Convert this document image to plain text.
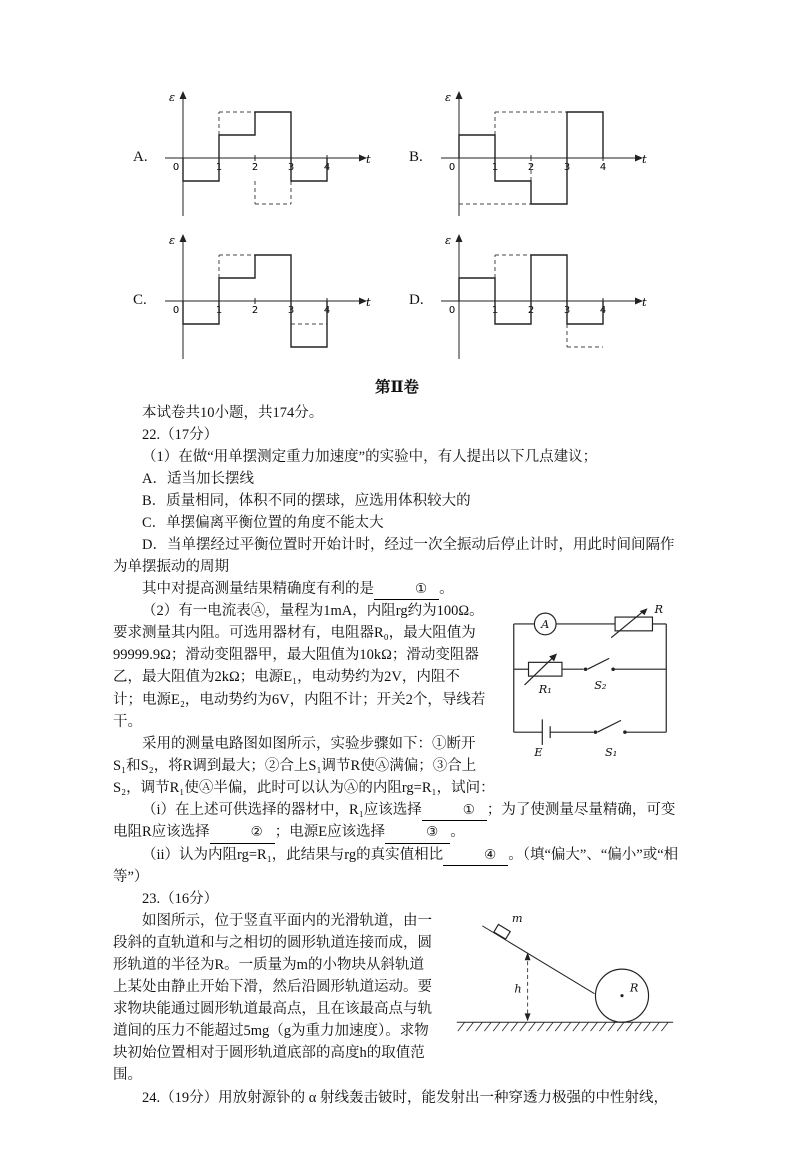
A.
ε
t
0	1	2	3	4
B.
ε
t
0	1	2	3	4
C.
ε
t
0	1	2	3	4
D.
ε
t
0	1	2	3	4
第Ⅱ卷

本试卷共10小题，共174分。

22.（17分）

（1）在做“用单摆测定重力加速度”的实验中，有人提出以下几点建议；

A．适当加长摆线

B．质量相同，体积不同的摆球，应选用体积较大的

C．单摆偏离平衡位置的角度不能太大

D．当单摆经过平衡位置时开始计时，经过一次全振动后停止计时，用此时间间隔作为单摆振动的周期

其中对提高测量结果精确度有利的是	① 。

A
R
R₁	S₂
E	S₁

（2）有一电流表Ⓐ，量程为1mA，内阻rg约为100Ω。要求测量其内阻。可选用器材有，电阻器R₀，最大阻值为99999.9Ω；滑动变阻器甲，最大阻值为10kΩ；滑动变阻器乙，最大阻值为2kΩ；电源E₁，电动势约为2V，内阻不计；电源E₂，电动势约为6V，内阻不计；开关2个，导线若干。

采用的测量电路图如图所示，实验步骤如下：①断开S₁和S₂，将R调到最大；②合上S₁调节R使Ⓐ满偏；③合上S₂，调节R₁使Ⓐ半偏，此时可以认为Ⓐ的内阻rg=R₁，试问：

（i）在上述可供选择的器材中，R₁应该选择	① ；为了使测量尽量精确，可变电阻R应该选择	② ；电源E应该选择	③ 。

（ii）认为内阻rg=R₁，此结果与rg的真实值相比	④ 。（填“偏大”、“偏小”或“相等”）

23.（16分）

m
h	R

如图所示，位于竖直平面内的光滑轨道，由一段斜的直轨道和与之相切的圆形轨道连接而成，圆形轨道的半径为R。一质量为m的小物块从斜轨道上某处由静止开始下滑，然后沿圆形轨道运动。要求物块能通过圆形轨道最高点，且在该最高点与轨道间的压力不能超过5mg（g为重力加速度）。求物块初始位置相对于圆形轨道底部的高度h的取值范围。

24.（19分）用放射源钋的 α 射线轰击铍时，能发射出一种穿透力极强的中性射线，
